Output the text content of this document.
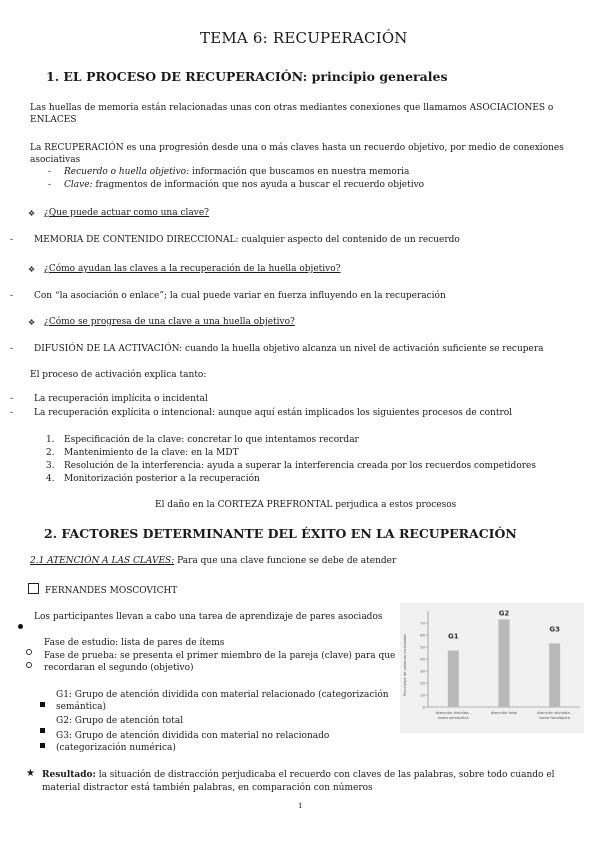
TEMA 6: RECUPERACIÓN
1. EL PROCESO DE RECUPERACIÓN: principio generales
Las huellas de memoria están relacionadas unas con otras mediantes conexiones que llamamos ASOCIACIONES o
ENLACES
La RECUPERACIÓN es una progresión desde una o más claves hasta un recuerdo objetivo, por medio de conexiones
asociativas
- Recuerdo o huella objetivo: información que buscamos en nuestra memoria
- Clave: fragmentos de información que nos ayuda a buscar el recuerdo objetivo
❖ ¿Que puede actuar como una clave?
- MEMORIA DE CONTENIDO DIRECCIONAL: cualquier aspecto del contenido de un recuerdo
❖ ¿Cómo ayudan las claves a la recuperación de la huella objetivo?
- Con “la asociación o enlace”; la cual puede variar en fuerza influyendo en la recuperación
❖ ¿Cómo se progresa de una clave a una huella objetivo?
- DIFUSIÓN DE LA ACTIVACIÓN: cuando la huella objetivo alcanza un nivel de activación suficiente se recupera
El proceso de activación explica tanto:
- La recuperación implícita o incidental
- La recuperación explícita o intencional: aunque aquí están implicados los siguientes procesos de control
1. Especificación de la clave: concretar lo que intentamos recordar
2. Mantenimiento de la clave: en la MDT
3. Resolución de la interferencia: ayuda a superar la interferencia creada por los recuerdos competidores
4. Monitorización posterior a la recuperación
El daño en la CORTEZA PREFRONTAL perjudica a estos procesos
2. FACTORES DETERMINANTE DEL ÉXITO EN LA RECUPERACIÓN
2.1 ATENCIÓN A LAS CLAVES: Para que una clave funcione se debe de atender
FERNANDES MOSCOVICHT
Los participantes llevan a cabo una tarea de aprendizaje de pares asociados
Fase de estudio: lista de pares de ítems
Fase de prueba: se presenta el primer miembro de la pareja (clave) para que
recordaran el segundo (objetivo)
G1: Grupo de atención dividida con material relacionado (categorización
semántica)
G2: Grupo de atención total
G3: Grupo de atención dividida con material no relacionado
(categorización numérica)
★ Resultado: la situación de distracción perjudicaba el recuerdo con claves de las palabras, sobre todo cuando el
material distractor está también palabras, en comparación con números
1
Porcentaje de palabras recordadas
0
10
20
30
40
50
60
70
G1
G2
G3
Atención dividida -tarea semántica
Atención total	Atención dividida -tarea fonológica
